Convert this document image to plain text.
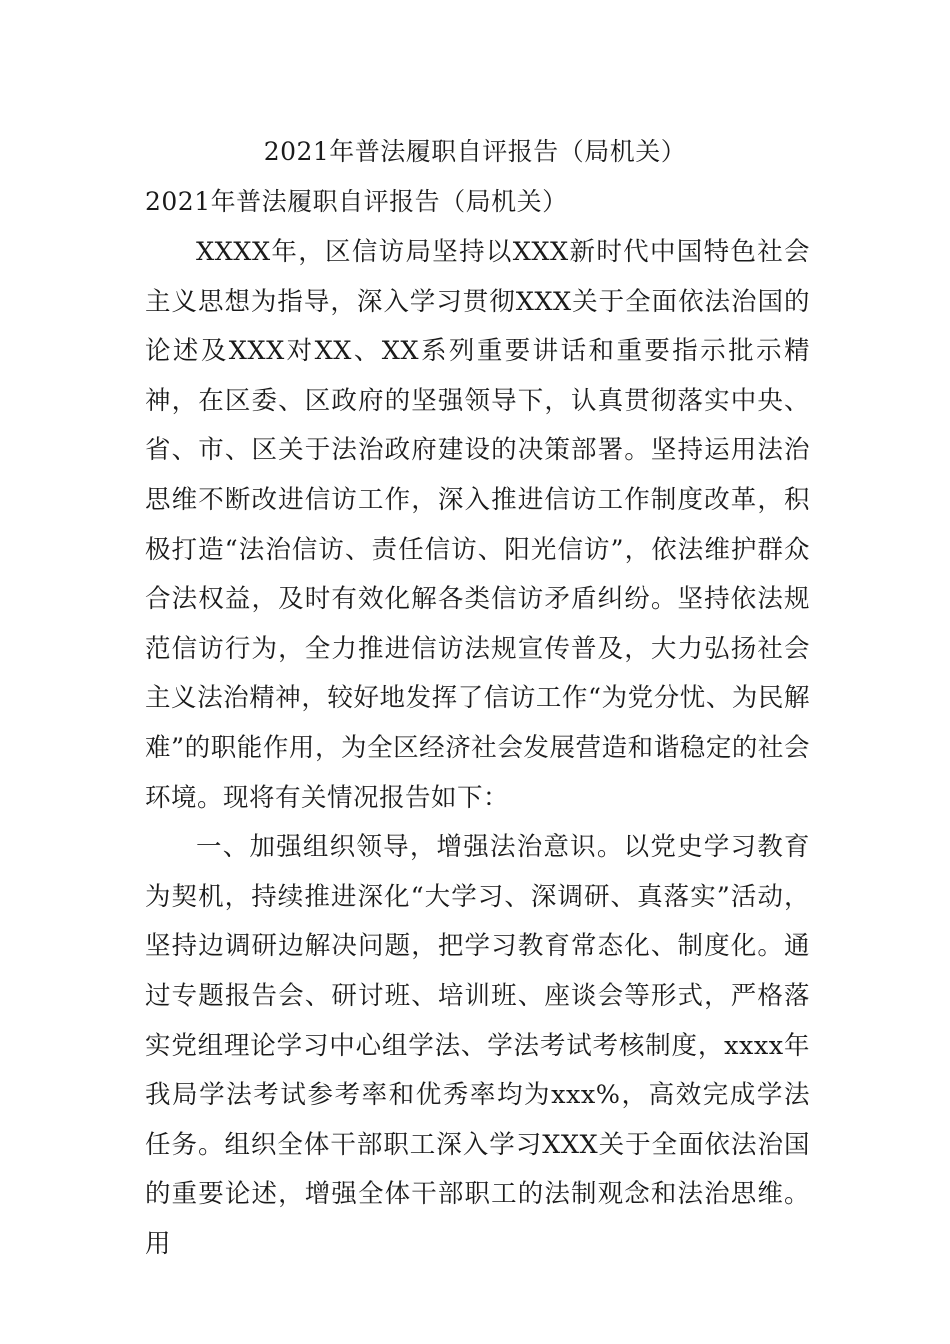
2021年普法履职自评报告（局机关）
2021年普法履职自评报告（局机关）

XXXX年，区信访局坚持以XXX新时代中国特色社会主义思想为指导，深入学习贯彻XXX关于全面依法治国的论述及XXX对XX、XX系列重要讲话和重要指示批示精神，在区委、区政府的坚强领导下，认真贯彻落实中央、省、市、区关于法治政府建设的决策部署。坚持运用法治思维不断改进信访工作，深入推进信访工作制度改革，积极打造“法治信访、责任信访、阳光信访”，依法维护群众合法权益，及时有效化解各类信访矛盾纠纷。坚持依法规范信访行为，全力推进信访法规宣传普及，大力弘扬社会主义法治精神，较好地发挥了信访工作“为党分忧、为民解难”的职能作用，为全区经济社会发展营造和谐稳定的社会环境。现将有关情况报告如下：

一、加强组织领导，增强法治意识。以党史学习教育为契机，持续推进深化“大学习、深调研、真落实”活动，坚持边调研边解决问题，把学习教育常态化、制度化。通过专题报告会、研讨班、培训班、座谈会等形式，严格落实党组理论学习中心组学法、学法考试考核制度，xxxx年我局学法考试参考率和优秀率均为xxx%，高效完成学法任务。组织全体干部职工深入学习XXX关于全面依法治国的重要论述，增强全体干部职工的法制观念和法治思维。用
